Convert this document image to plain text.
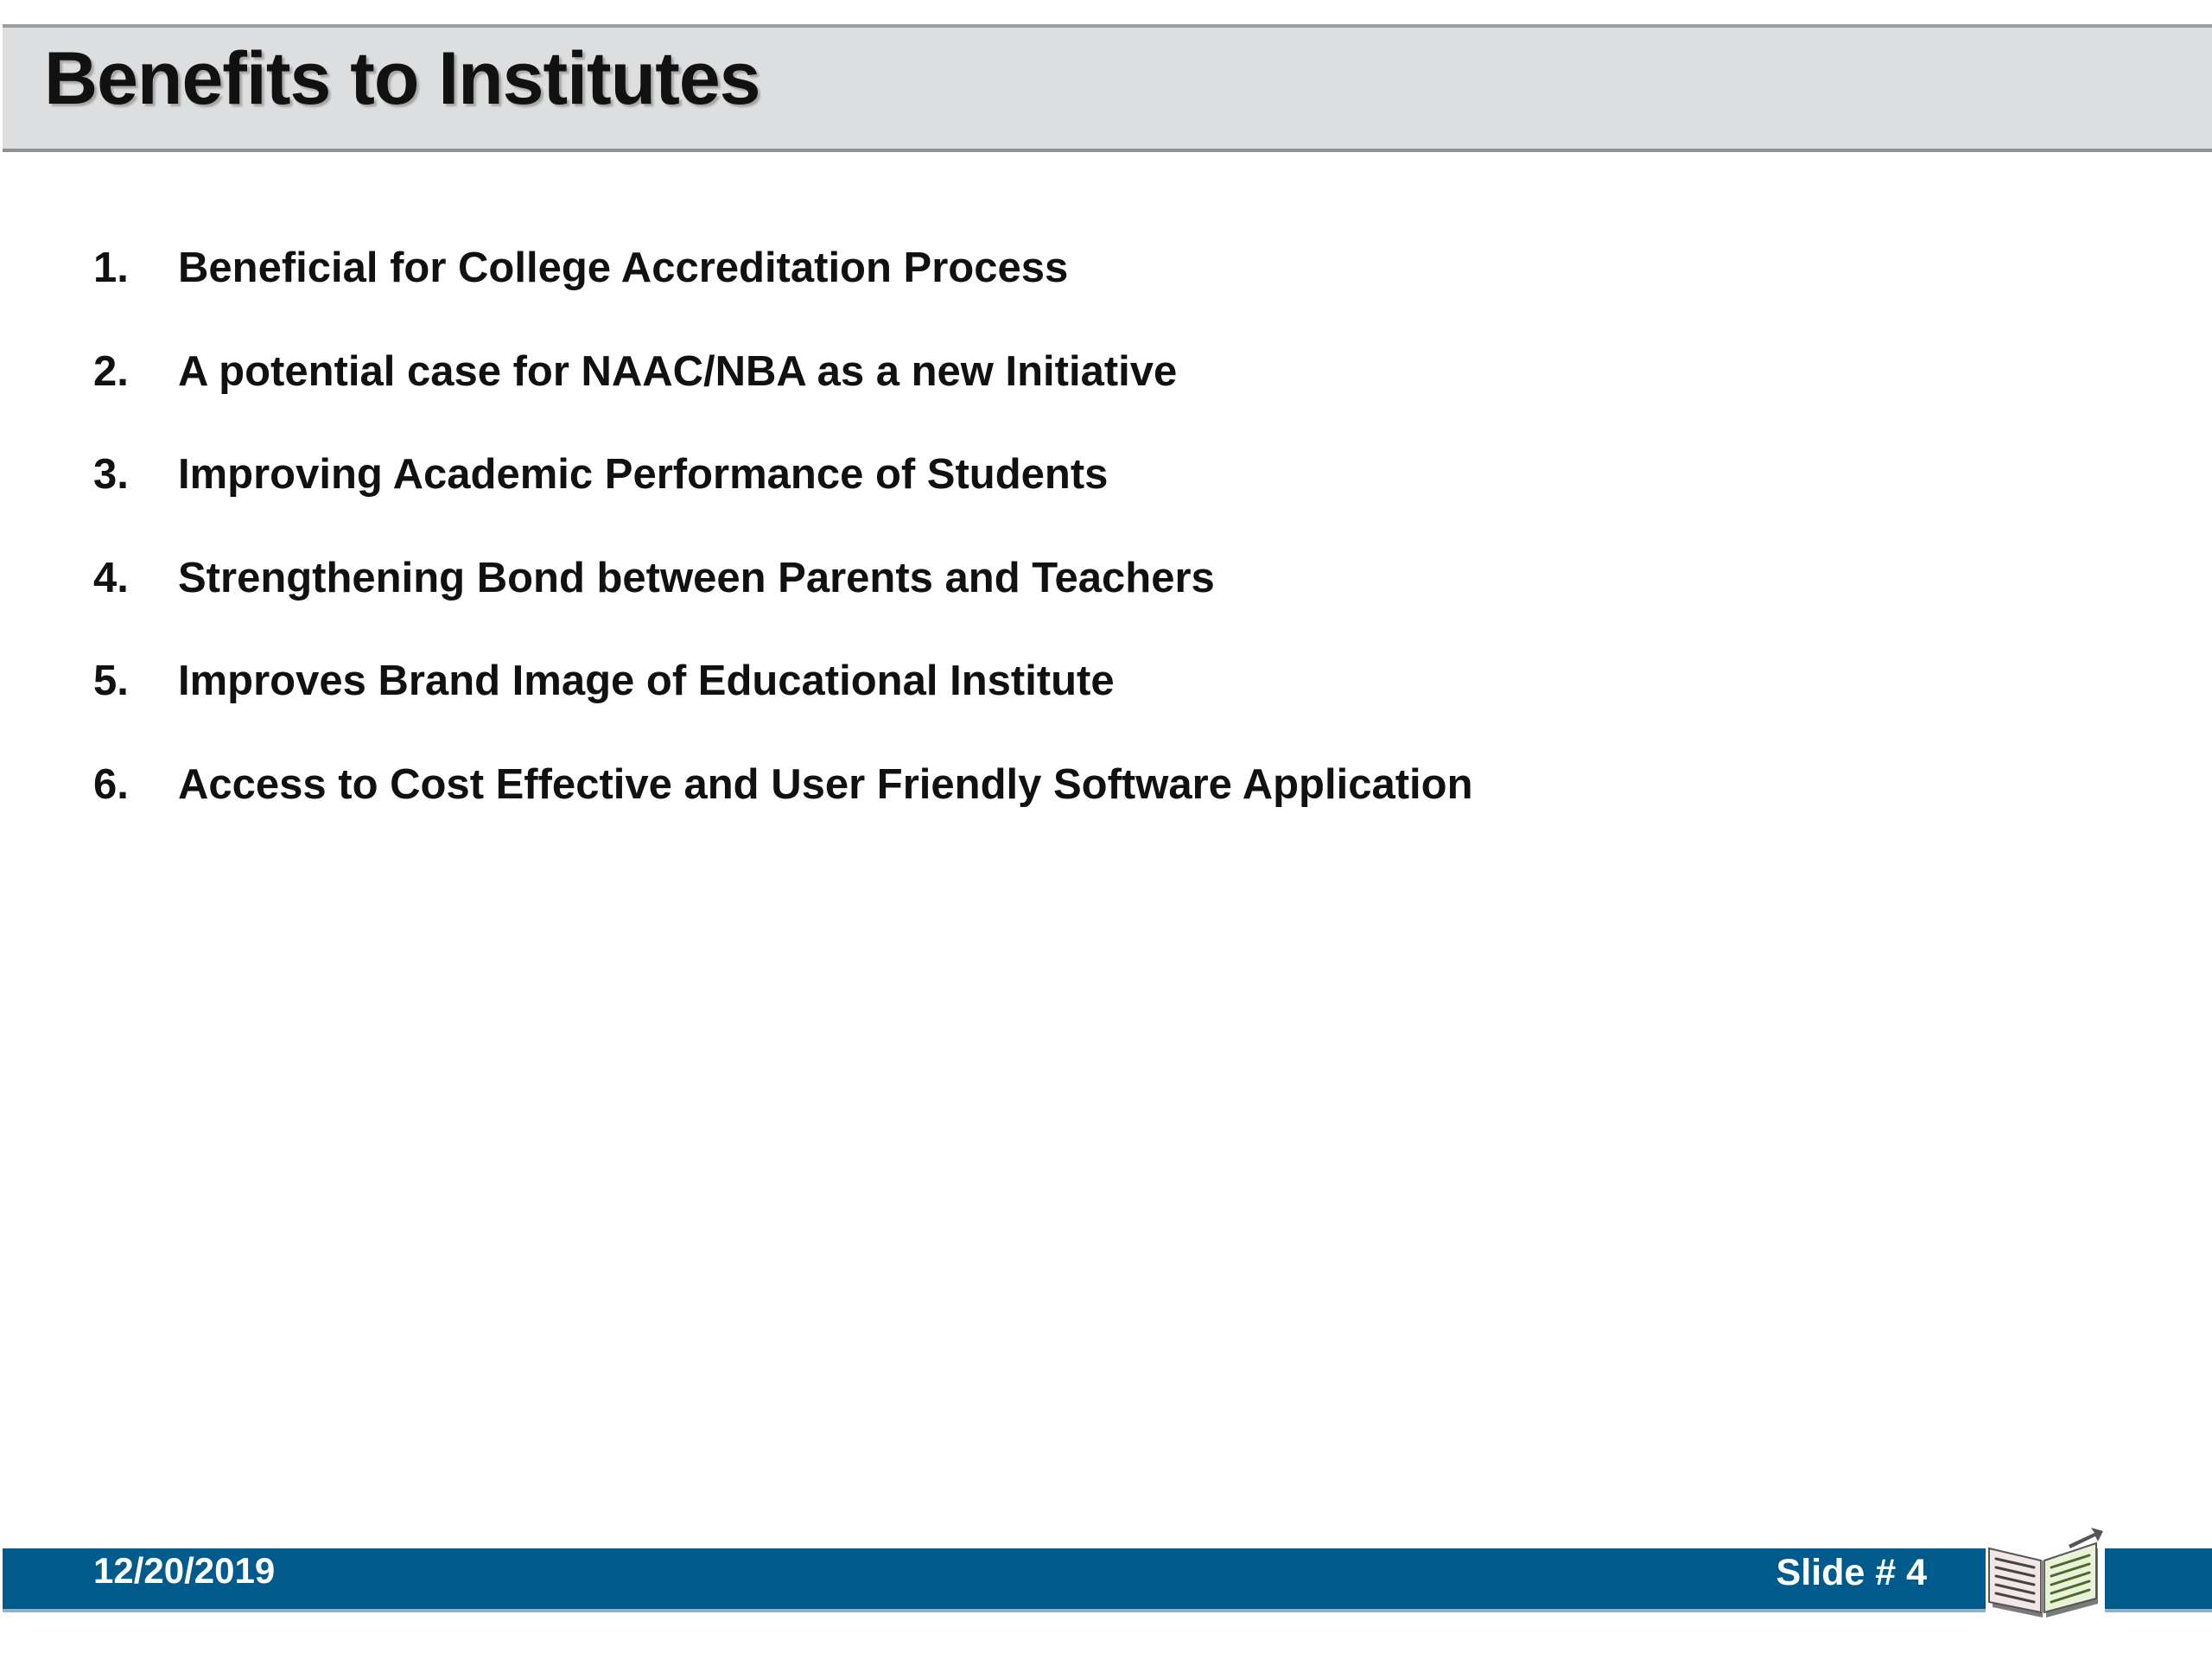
Benefits to Institutes
1.	Beneficial for College Accreditation Process
2.	A potential case for NAAC/NBA as a new Initiative
3.	Improving Academic Performance of Students
4.	Strengthening Bond between Parents and Teachers
5.	Improves Brand Image of Educational Institute
6.	Access to Cost Effective and User Friendly Software Application
12/20/2019	Slide # 4
